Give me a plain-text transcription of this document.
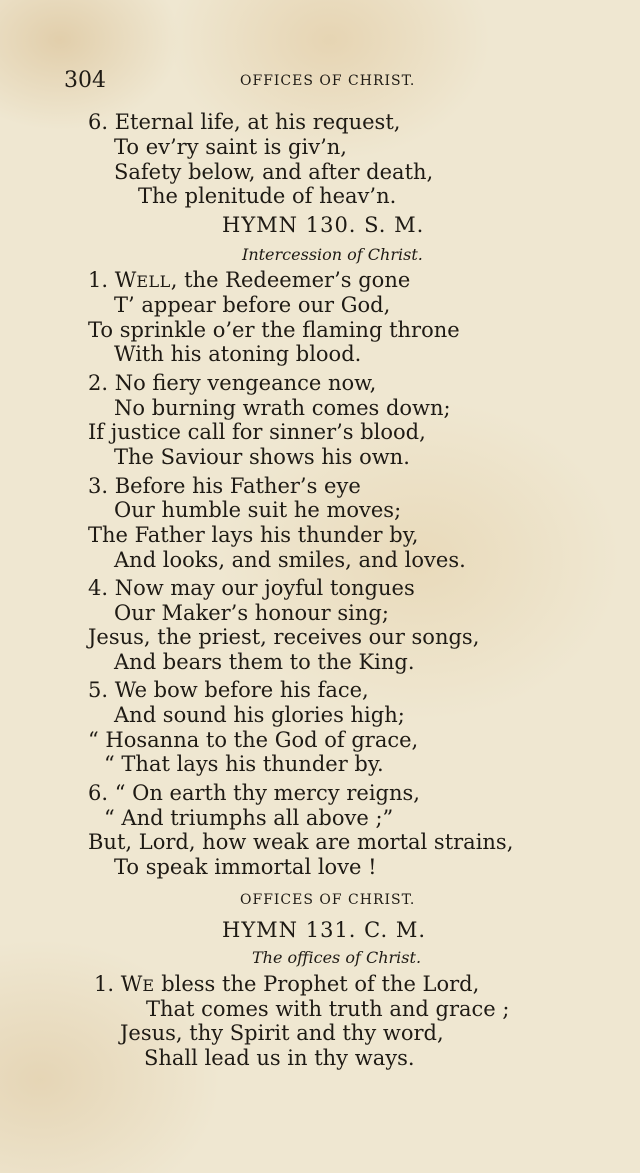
304	OFFICES OF CHRIST.
6. Eternal life, at his request,
To ev’ry saint is giv’n,
Safety below, and after death,
The plenitude of heav’n.
HYMN 130. S. M.
Intercession of Christ.
1. WELL, the Redeemer’s gone
T’ appear before our God,
To sprinkle o’er the flaming throne
With his atoning blood.
2. No fiery vengeance now,
No burning wrath comes down;
If justice call for sinner’s blood,
The Saviour shows his own.
3. Before his Father’s eye
Our humble suit he moves;
The Father lays his thunder by,
And looks, and smiles, and loves.
4. Now may our joyful tongues
Our Maker’s honour sing;
Jesus, the priest, receives our songs,
And bears them to the King.
5. We bow before his face,
And sound his glories high;
“ Hosanna to the God of grace,
“ That lays his thunder by.
6. “ On earth thy mercy reigns,
“ And triumphs all above ;”
But, Lord, how weak are mortal strains,
To speak immortal love !
OFFICES OF CHRIST.
HYMN 131. C. M.
The offices of Christ.
1. WE bless the Prophet of the Lord,
That comes with truth and grace ;
Jesus, thy Spirit and thy word,
Shall lead us in thy ways.
